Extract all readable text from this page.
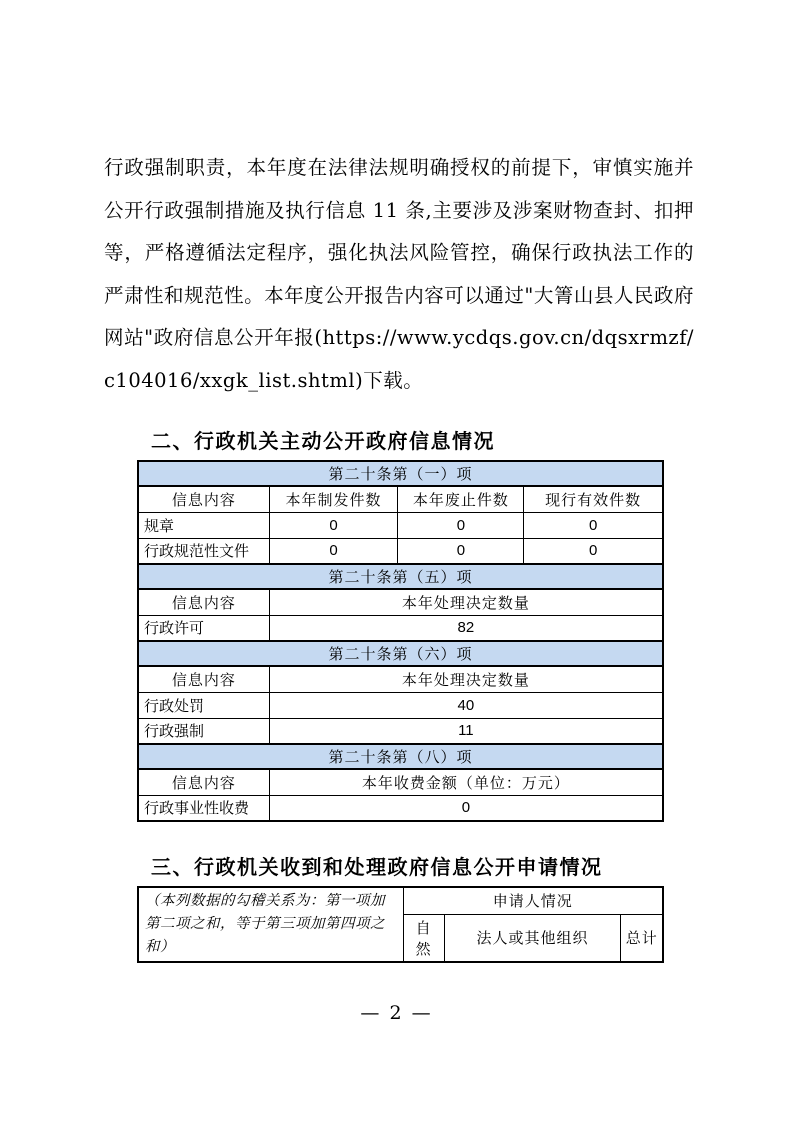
行政强制职责，本年度在法律法规明确授权的前提下，审慎实施并公开行政强制措施及执行信息 11 条,主要涉及涉案财物查封、扣押等，严格遵循法定程序，强化执法风险管控，确保行政执法工作的严肃性和规范性。本年度公开报告内容可以通过"大箐山县人民政府网站"政府信息公开年报(https://www.ycdqs.gov.cn/dqsxrmzf/c104016/xxgk_list.shtml)下载。

二、行政机关主动公开政府信息情况
第二十条第（一）项			
信息内容	本年制发件数	本年废止件数	现行有效件数
规章	0	0	0
行政规范性文件	0	0	0
第二十条第（五）项			
信息内容	本年处理决定数量		
行政许可	82		
第二十条第（六）项			
信息内容	本年处理决定数量		
行政处罚	40		
行政强制	11		
第二十条第（八）项			
信息内容	本年收费金额（单位：万元）		
行政事业性收费	0		
三、行政机关收到和处理政府信息公开申请情况
（本列数据的勾稽关系为：第一项加第二项之和，等于第三项加第四项之和）	申请人情况		
	自然	法人或其他组织	总计
— 2 —
